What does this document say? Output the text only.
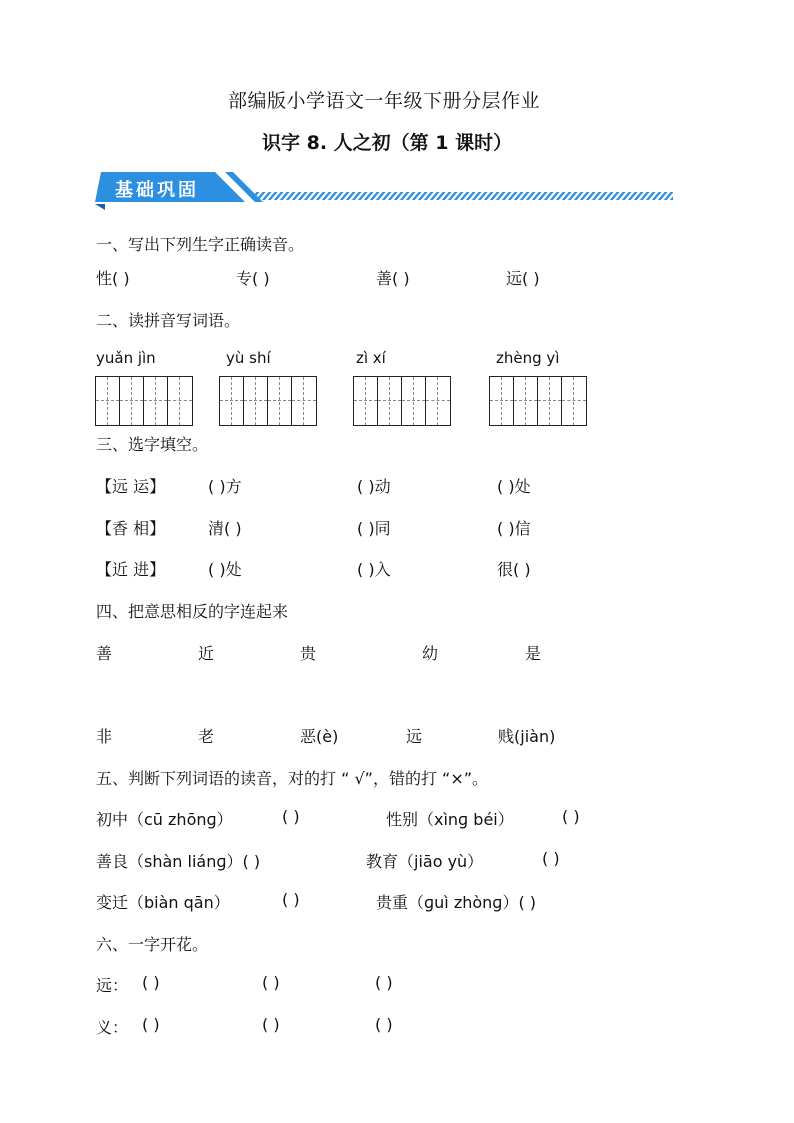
部编版小学语文一年级下册分层作业
识字 8. 人之初（第 1 课时）
基础巩固
一、写出下列生字正确读音。
性( )	专( )	善( )	远( )
二、读拼音写词语。
yuǎn jìn	yù shí	zì xí	zhèng yì
三、选字填空。
【远 运】	( )方	( )动	( )处
【香 相】	清( )	( )同	( )信
【近 进】	( )处	( )入	很( )
四、把意思相反的字连起来
善	近	贵	幼	是
非	老	恶(è)	远	贱(jiàn)
五、判断下列词语的读音，对的打 “ √”，错的打 “×”。
初中（cū zhōnɡ）	( )	性别（xìnɡ béi）	( )
善良（shàn liánɡ）( )	教育（jiāo yù）	( )
变迁（biàn qān）	( )	贵重（ɡuì zhònɡ）( )
六、一字开花。
远： ( )	( )	( )
义： ( )	( )	( )
